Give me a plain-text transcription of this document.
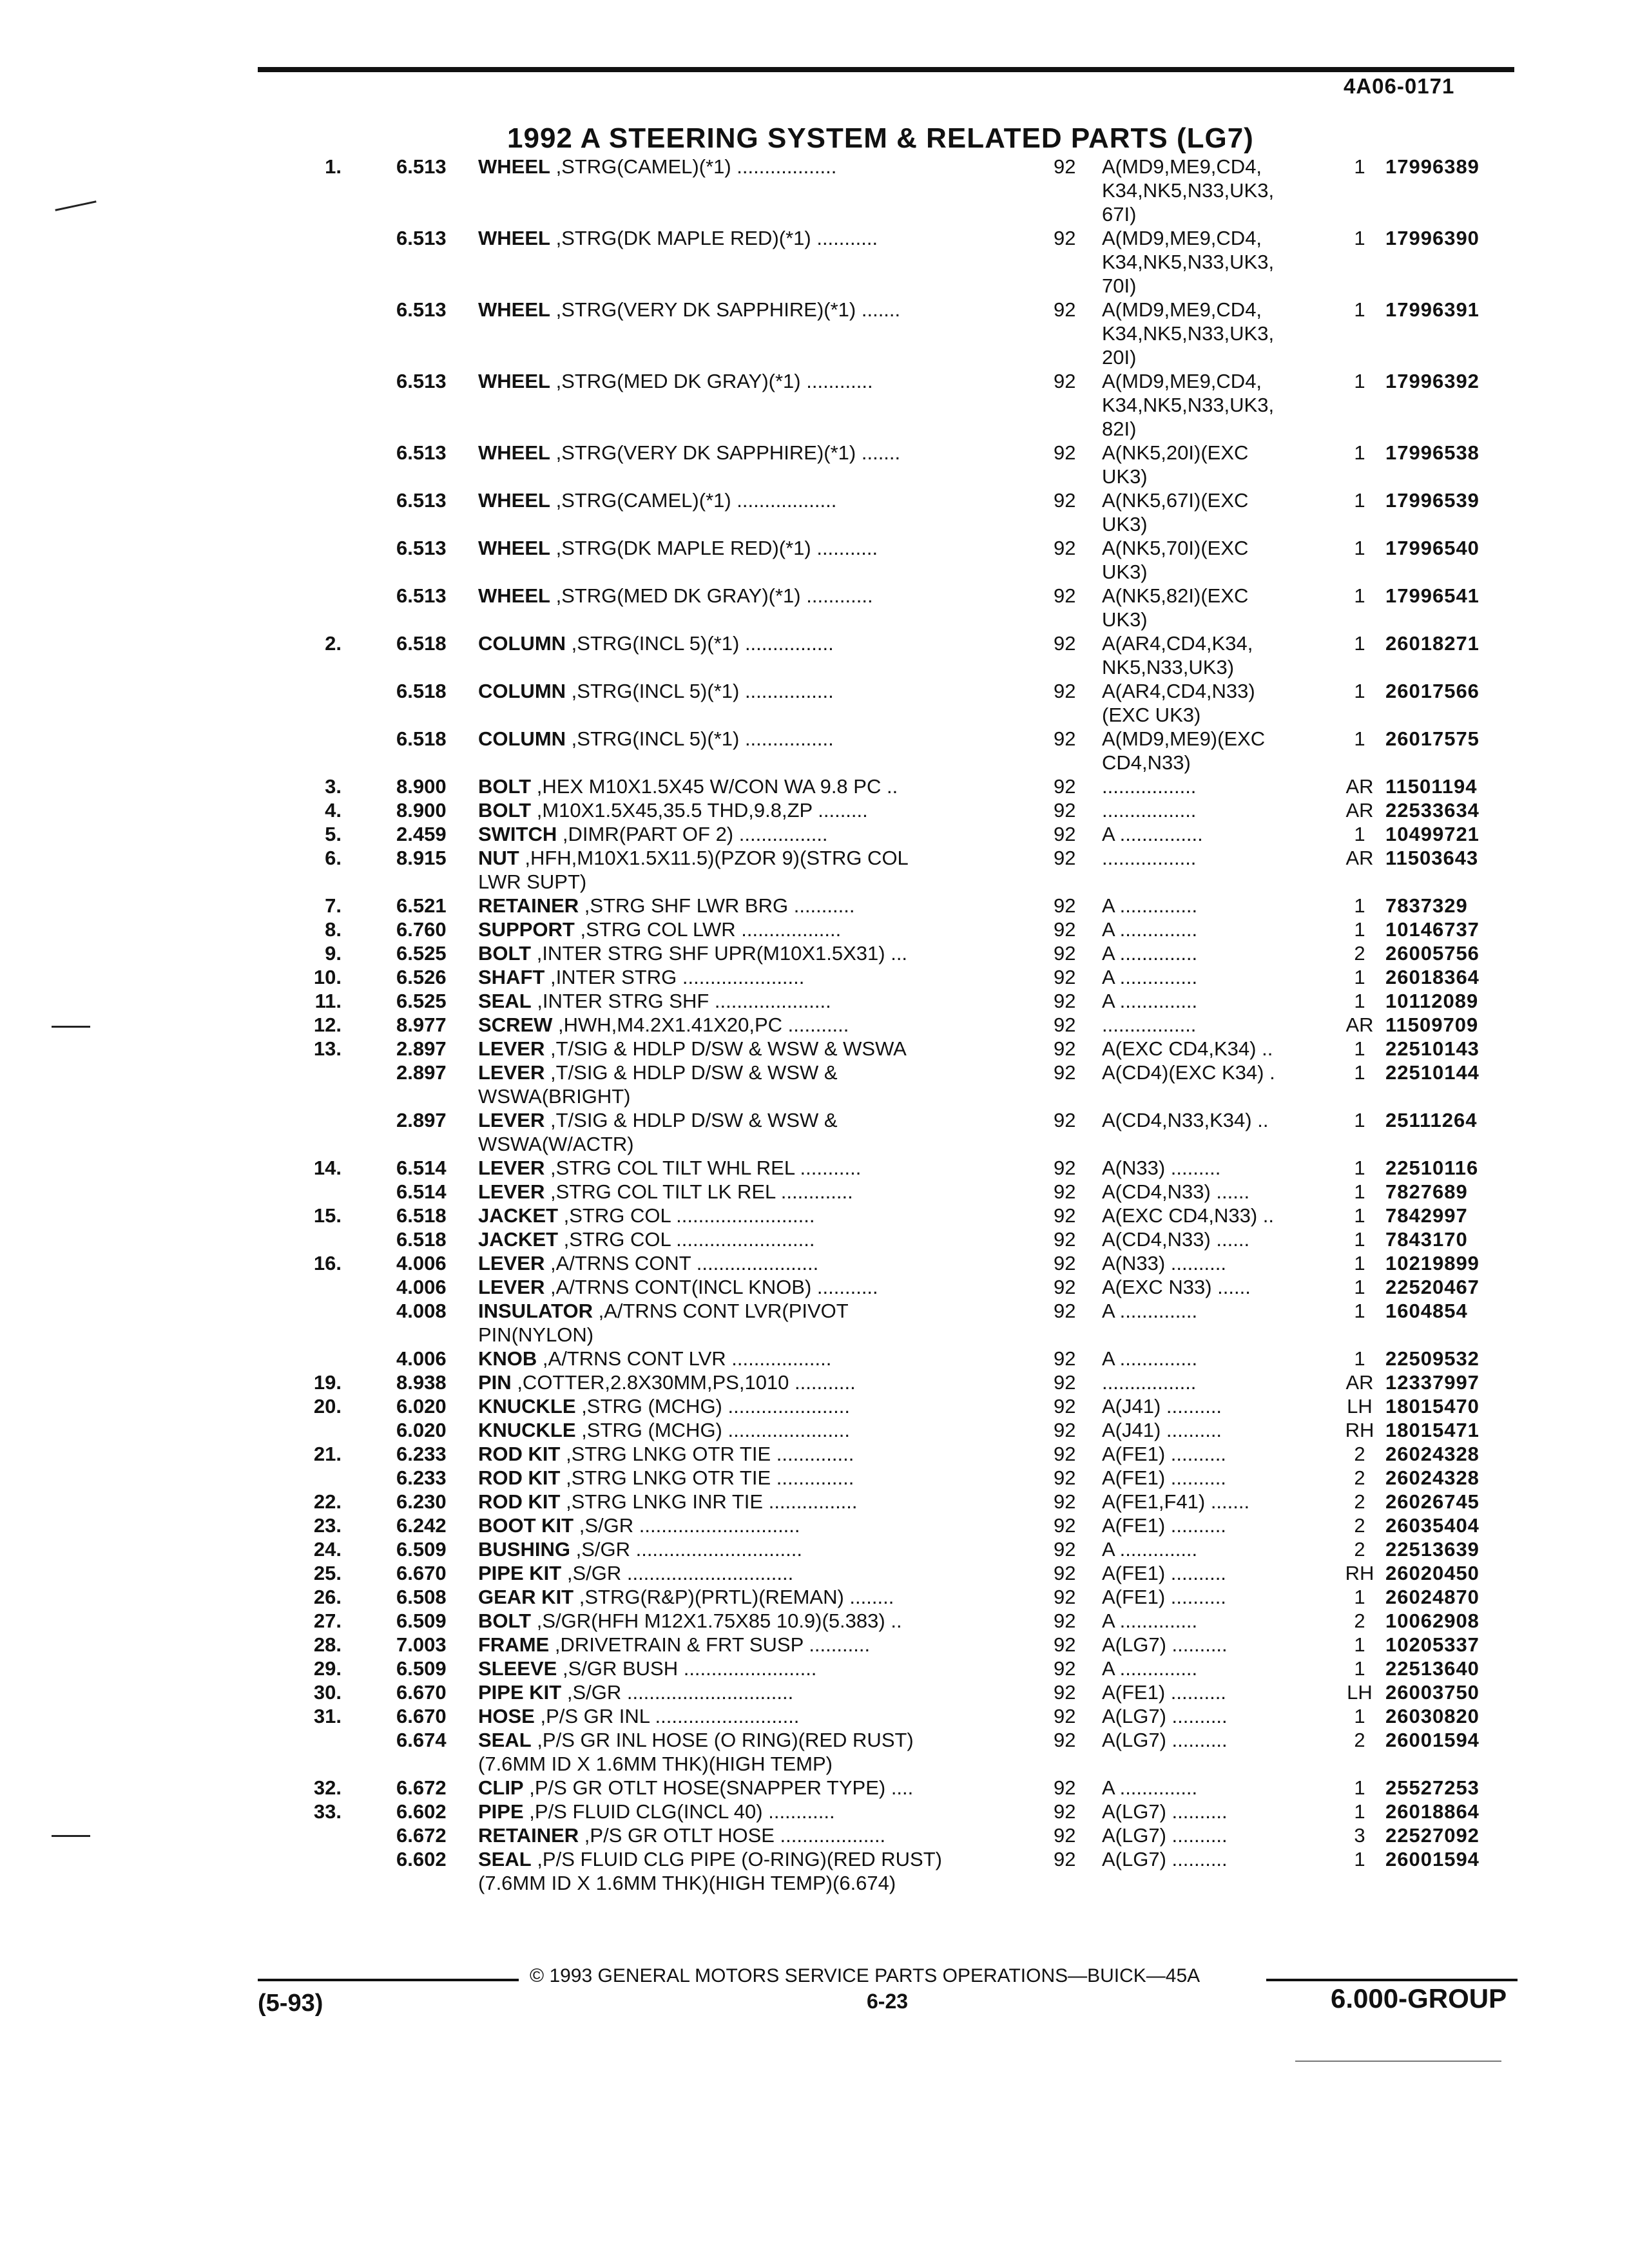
4A06-0171
1992 A STEERING SYSTEM & RELATED PARTS (LG7)
1.	6.513	WHEEL ,STRG(CAMEL)(*1) ..................	92	A(MD9,ME9,CD4,
K34,NK5,N33,UK3,
67I)
1	17996389
6.513	WHEEL ,STRG(DK MAPLE RED)(*1) ...........	92	A(MD9,ME9,CD4,
K34,NK5,N33,UK3,
70I)
1	17996390
6.513	WHEEL ,STRG(VERY DK SAPPHIRE)(*1) .......	92	A(MD9,ME9,CD4,
K34,NK5,N33,UK3,
20I)
1	17996391
6.513	WHEEL ,STRG(MED DK GRAY)(*1) ............	92	A(MD9,ME9,CD4,
K34,NK5,N33,UK3,
82I)
1	17996392
6.513	WHEEL ,STRG(VERY DK SAPPHIRE)(*1) .......	92	A(NK5,20I)(EXC
UK3)
1	17996538
6.513	WHEEL ,STRG(CAMEL)(*1) ..................	92	A(NK5,67I)(EXC
UK3)
1	17996539
6.513	WHEEL ,STRG(DK MAPLE RED)(*1) ...........	92	A(NK5,70I)(EXC
UK3)
1	17996540
6.513	WHEEL ,STRG(MED DK GRAY)(*1) ............	92	A(NK5,82I)(EXC
UK3)
1	17996541
2.	6.518	COLUMN ,STRG(INCL 5)(*1) ................	92	A(AR4,CD4,K34,
NK5,N33,UK3)
1	26018271
6.518	COLUMN ,STRG(INCL 5)(*1) ................	92	A(AR4,CD4,N33)
(EXC UK3)
1	26017566
6.518	COLUMN ,STRG(INCL 5)(*1) ................	92	A(MD9,ME9)(EXC
CD4,N33)
1	26017575
3.	8.900	BOLT ,HEX M10X1.5X45 W/CON WA 9.8 PC ..	92	.................	AR 11501194
4.	8.900	BOLT ,M10X1.5X45,35.5 THD,9.8,ZP .........	92	.................	AR 22533634
5.	2.459	SWITCH ,DIMR(PART OF 2) ................	92	A ...............	1	10499721
6.	8.915	NUT ,HFH,M10X1.5X11.5)(PZOR 9)(STRG COL
LWR SUPT)
92	.................	AR 11503643
7.	6.521	RETAINER ,STRG SHF LWR BRG ...........	92	A ..............	1	7837329
8.	6.760	SUPPORT ,STRG COL LWR ..................	92	A ..............	1	10146737
9.	6.525	BOLT ,INTER STRG SHF UPR(M10X1.5X31) ...	92	A ..............	2	26005756
10.	6.526	SHAFT ,INTER STRG ......................	92	A ..............	1	26018364
11.	6.525	SEAL ,INTER STRG SHF .....................	92	A ..............	1	10112089
12.	8.977	SCREW ,HWH,M4.2X1.41X20,PC ...........	92	.................	AR 11509709
13.	2.897	LEVER ,T/SIG & HDLP D/SW & WSW & WSWA	92	A(EXC CD4,K34) ..	1	22510143
2.897	LEVER ,T/SIG & HDLP D/SW & WSW &
WSWA(BRIGHT)
92	A(CD4)(EXC K34) .	1	22510144
2.897	LEVER ,T/SIG & HDLP D/SW & WSW &
WSWA(W/ACTR)
92	A(CD4,N33,K34) ..	1	25111264
14.	6.514	LEVER ,STRG COL TILT WHL REL ...........	92	A(N33) .........	1	22510116
6.514	LEVER ,STRG COL TILT LK REL .............	92	A(CD4,N33) ......	1	7827689
15.	6.518	JACKET ,STRG COL .........................	92	A(EXC CD4,N33) ..	1	7842997
6.518	JACKET ,STRG COL .........................	92	A(CD4,N33) ......	1	7843170
16.	4.006	LEVER ,A/TRNS CONT ......................	92	A(N33) ..........	1	10219899
4.006	LEVER ,A/TRNS CONT(INCL KNOB) ...........	92	A(EXC N33) ......	1	22520467
4.008	INSULATOR ,A/TRNS CONT LVR(PIVOT
PIN(NYLON)
92	A ..............	1	1604854
4.006	KNOB ,A/TRNS CONT LVR ..................	92	A ..............	1	22509532
19.	8.938	PIN ,COTTER,2.8X30MM,PS,1010 ...........	92	.................	AR 12337997
20.	6.020	KNUCKLE ,STRG (MCHG) ......................	92	A(J41) ..........	LH 18015470
6.020	KNUCKLE ,STRG (MCHG) ......................	92	A(J41) ..........	RH 18015471
21.	6.233	ROD KIT ,STRG LNKG OTR TIE ..............	92	A(FE1) ..........	2	26024328
6.233	ROD KIT ,STRG LNKG OTR TIE ..............	92	A(FE1) ..........	2	26024328
22.	6.230	ROD KIT ,STRG LNKG INR TIE ................	92	A(FE1,F41) .......	2	26026745
23.	6.242	BOOT KIT ,S/GR .............................	92	A(FE1) ..........	2	26035404
24.	6.509	BUSHING ,S/GR ..............................	92	A ..............	2	22513639
25.	6.670	PIPE KIT ,S/GR ..............................	92	A(FE1) ..........	RH 26020450
26.	6.508	GEAR KIT ,STRG(R&P)(PRTL)(REMAN) ........	92	A(FE1) ..........	1	26024870
27.	6.509	BOLT ,S/GR(HFH M12X1.75X85 10.9)(5.383) ..	92	A ..............	2	10062908
28.	7.003	FRAME ,DRIVETRAIN & FRT SUSP ...........	92	A(LG7) ..........	1	10205337
29.	6.509	SLEEVE ,S/GR BUSH ........................	92	A ..............	1	22513640
30.	6.670	PIPE KIT ,S/GR ..............................	92	A(FE1) ..........	LH 26003750
31.	6.670	HOSE ,P/S GR INL ..........................	92	A(LG7) ..........	1	26030820
6.674	SEAL ,P/S GR INL HOSE (O RING)(RED RUST)
(7.6MM ID X 1.6MM THK)(HIGH TEMP)
92	A(LG7) ..........	2	26001594
32.	6.672	CLIP ,P/S GR OTLT HOSE(SNAPPER TYPE) ....	92	A ..............	1	25527253
33.	6.602	PIPE ,P/S FLUID CLG(INCL 40) ............	92	A(LG7) ..........	1	26018864
6.672	RETAINER ,P/S GR OTLT HOSE ...................	92	A(LG7) ..........	3	22527092
6.602	SEAL ,P/S FLUID CLG PIPE (O-RING)(RED RUST)
(7.6MM ID X 1.6MM THK)(HIGH TEMP)(6.674)
92	A(LG7) ..........	1	26001594
© 1993 GENERAL MOTORS SERVICE PARTS OPERATIONS—BUICK—45A
(5-93)	6-23	6.000-GROUP
